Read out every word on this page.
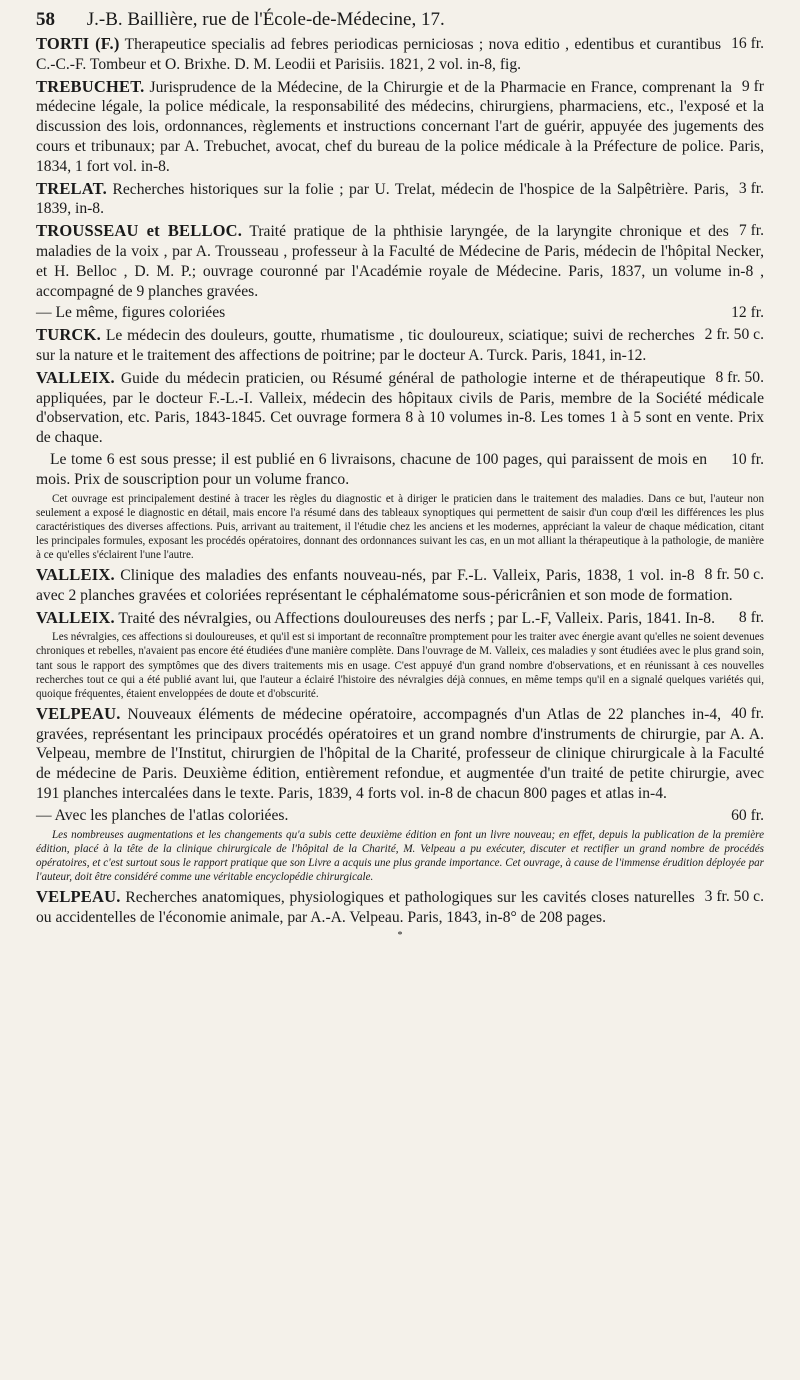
58 J.-B. Baillière, rue de l'École-de-Médecine, 17.

16 fr.
TORTI (F.) Therapeutice specialis ad febres periodicas perniciosas ; nova editio , edentibus et curantibus C.-C.-F. Tombeur et O. Brixhe. D. M. Leodii et Parisiis. 1821, 2 vol. in-8, fig.

9 fr
TREBUCHET. Jurisprudence de la Médecine, de la Chirurgie et de la Pharmacie en France, comprenant la médecine légale, la police médicale, la responsabilité des médecins, chirurgiens, pharmaciens, etc., l'exposé et la discussion des lois, ordonnances, règlements et instructions concernant l'art de guérir, appuyée des jugements des cours et tribunaux; par A. Trebuchet, avocat, chef du bureau de la police médicale à la Préfecture de police. Paris, 1834, 1 fort vol. in-8.

3 fr.
TRELAT. Recherches historiques sur la folie ; par U. Trelat, médecin de l'hospice de la Salpêtrière. Paris, 1839, in-8.

7 fr.
TROUSSEAU et BELLOC. Traité pratique de la phthisie laryngée, de la laryngite chronique et des maladies de la voix , par A. Trousseau , professeur à la Faculté de Médecine de Paris, médecin de l'hôpital Necker, et H. Belloc , D. M. P.; ouvrage couronné par l'Académie royale de Médecine. Paris, 1837, un volume in-8 , accompagné de 9 planches gravées.

12 fr.
— Le même, figures coloriées

2 fr. 50 c.
TURCK. Le médecin des douleurs, goutte, rhumatisme , tic douloureux, sciatique; suivi de recherches sur la nature et le traitement des affections de poitrine; par le docteur A. Turck. Paris, 1841, in-12.

8 fr. 50.
VALLEIX. Guide du médecin praticien, ou Résumé général de pathologie interne et de thérapeutique appliquées, par le docteur F.-L.-I. Valleix, médecin des hôpitaux civils de Paris, membre de la Société médicale d'observation, etc. Paris, 1843-1845. Cet ouvrage formera 8 à 10 volumes in-8. Les tomes 1 à 5 sont en vente. Prix de chaque.

10 fr.
Le tome 6 est sous presse; il est publié en 6 livraisons, chacune de 100 pages, qui paraissent de mois en mois. Prix de souscription pour un volume franco.

Cet ouvrage est principalement destiné à tracer les règles du diagnostic et à diriger le praticien dans le traitement des maladies. Dans ce but, l'auteur non seulement a exposé le diagnostic en détail, mais encore l'a résumé dans des tableaux synoptiques qui permettent de saisir d'un coup d'œil les différences les plus caractéristiques des diverses affections. Puis, arrivant au traitement, il l'étudie chez les anciens et les modernes, appréciant la valeur de chaque médication, citant les principales formules, exposant les procédés opératoires, donnant des ordonnances suivant les cas, en un mot alliant la thérapeutique à la pathologie, de manière à ce qu'elles s'éclairent l'une l'autre.

8 fr. 50 c.
VALLEIX. Clinique des maladies des enfants nouveau-nés, par F.-L. Valleix, Paris, 1838, 1 vol. in-8 avec 2 planches gravées et coloriées représentant le céphalématome sous-péricrânien et son mode de formation.

8 fr.
VALLEIX. Traité des névralgies, ou Affections douloureuses des nerfs ; par L.-F, Valleix. Paris, 1841. In-8.

Les névralgies, ces affections si douloureuses, et qu'il est si important de reconnaître promptement pour les traiter avec énergie avant qu'elles ne soient devenues chroniques et rebelles, n'avaient pas encore été étudiées d'une manière complète. Dans l'ouvrage de M. Valleix, ces maladies y sont étudiées avec le plus grand soin, tant sous le rapport des symptômes que des divers traitements mis en usage. C'est appuyé d'un grand nombre d'observations, et en réunissant à ces nouvelles recherches tout ce qui a été publié avant lui, que l'auteur a éclairé l'histoire des névralgies déjà connues, en même temps qu'il en a signalé quelques variétés qui, quoique fréquentes, étaient enveloppées de doute et d'obscurité.

40 fr.
VELPEAU. Nouveaux éléments de médecine opératoire, accompagnés d'un Atlas de 22 planches in-4, gravées, représentant les principaux procédés opératoires et un grand nombre d'instruments de chirurgie, par A. A. Velpeau, membre de l'Institut, chirurgien de l'hôpital de la Charité, professeur de clinique chirurgicale à la Faculté de médecine de Paris. Deuxième édition, entièrement refondue, et augmentée d'un traité de petite chirurgie, avec 191 planches intercalées dans le texte. Paris, 1839, 4 forts vol. in-8 de chacun 800 pages et atlas in-4.

60 fr.
— Avec les planches de l'atlas coloriées.

Les nombreuses augmentations et les changements qu'a subis cette deuxième édition en font un livre nouveau; en effet, depuis la publication de la première édition, placé à la tête de la clinique chirurgicale de l'hôpital de la Charité, M. Velpeau a pu exécuter, discuter et rectifier un grand nombre de procédés opératoires, et c'est surtout sous le rapport pratique que son Livre a acquis une plus grande importance. Cet ouvrage, à cause de l'immense érudition déployée par l'auteur, doit être considéré comme une véritable encyclopédie chirurgicale.

3 fr. 50 c.
VELPEAU. Recherches anatomiques, physiologiques et pathologiques sur les cavités closes naturelles ou accidentelles de l'économie animale, par A.-A. Velpeau. Paris, 1843, in-8° de 208 pages.

*
